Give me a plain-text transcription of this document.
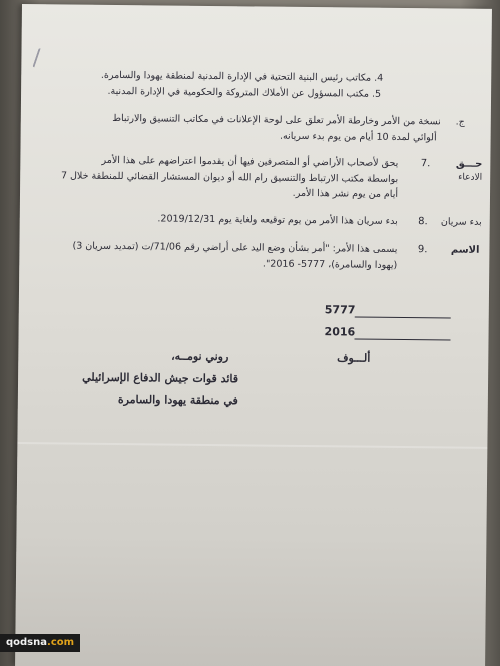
4. مكاتب رئيس البنية التحتية في الإدارة المدنية لمنطقة يهودا والسامرة.
5. مكتب المسؤول عن الأملاك المتروكة والحكومية في الإدارة المدنية.
ج.
نسخة من الأمر وخارطة الأمر تعلق على لوحة الإعلانات في مكاتب التنسيق والارتباط
ألوائي لمدة 10 أيام من يوم بدء سريانه.
حـــق
الادعاء
.7
يحق لأصحاب الأراضي أو المتصرفين فيها أن يقدموا اعتراضهم على هذا الأمر
بواسطة مكتب الارتباط والتنسيق رام الله أو ديوان المستشار القضائي للمنطقة خلال 7
أيام من يوم نشر هذا الأمر.
بدء سريان
.8
بدء سريان هذا الأمر من يوم توقيعه ولغاية يوم 2019/12/31.
الاسم
.9
يسمى هذا الأمر: "أمر بشأن وضع اليد على أراضي رقم 71/06/ت (تمديد سريان 3)
(يهودا والسامرة)، 5777- 2016".
5777
2016
ألـــوف
روني نومــه،
قائد قوات جيش الدفاع الإسرائيلي
في منطقة يهودا والسامرة
qodsna.com
